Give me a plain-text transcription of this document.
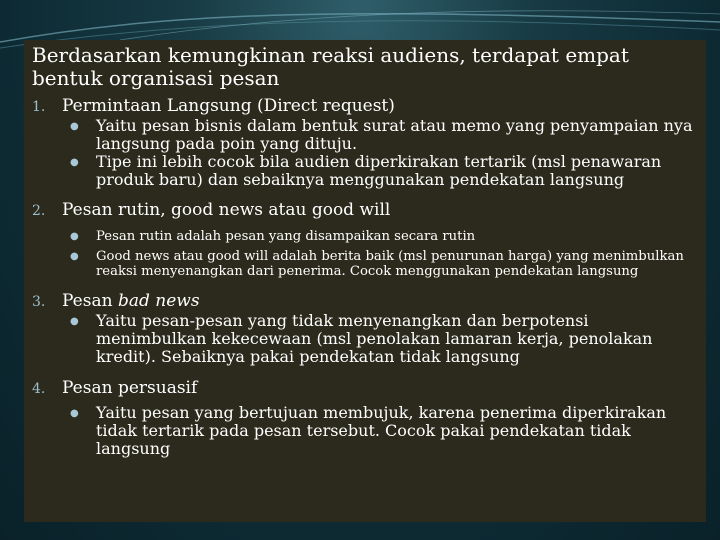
Berdasarkan kemungkinan reaksi audiens, terdapat empat
bentuk organisasi pesan
1. Permintaan Langsung (Direct request)
●	Yaitu pesan bisnis dalam bentuk surat atau memo yang penyampaian nya langsung pada poin yang dituju.
●	Tipe ini lebih cocok bila audien diperkirakan tertarik (msl penawaran produk baru) dan sebaiknya menggunakan pendekatan langsung
2. Pesan rutin, good news atau good will
●	Pesan rutin adalah pesan yang disampaikan secara rutin
●	Good news atau good will adalah berita baik (msl penurunan harga) yang menimbulkan reaksi menyenangkan dari penerima. Cocok menggunakan pendekatan langsung
3. Pesan bad news
●	Yaitu pesan-pesan yang tidak menyenangkan dan berpotensi menimbulkan kekecewaan (msl penolakan lamaran kerja, penolakan kredit). Sebaiknya pakai pendekatan tidak langsung
4. Pesan persuasif
●	Yaitu pesan yang bertujuan membujuk, karena penerima diperkirakan tidak tertarik pada pesan tersebut. Cocok pakai pendekatan tidak langsung
